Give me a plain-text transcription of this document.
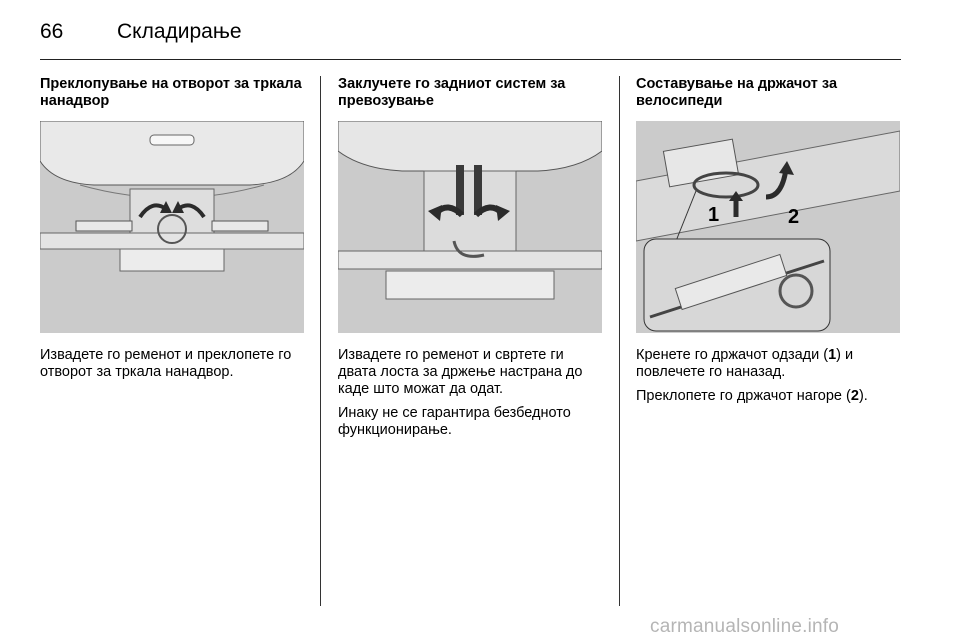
66	Складирање
Преклопување на отворот за тркала нанадвор

Извадете го ременот и преклопете го отворот за тркала нанадвор.

Заклучете го задниот систем за превозување

Извадете го ременот и свртете ги двата лоста за држење настрана до каде што можат да одат.

Инаку не се гарантира безбедното функционирање.

Составување на држачот за велосипеди
1	2

Кренете го држачот одзади (1) и повлечете го наназад.

Преклопете го држачот нагоре (2).

carmanualsonline.info
